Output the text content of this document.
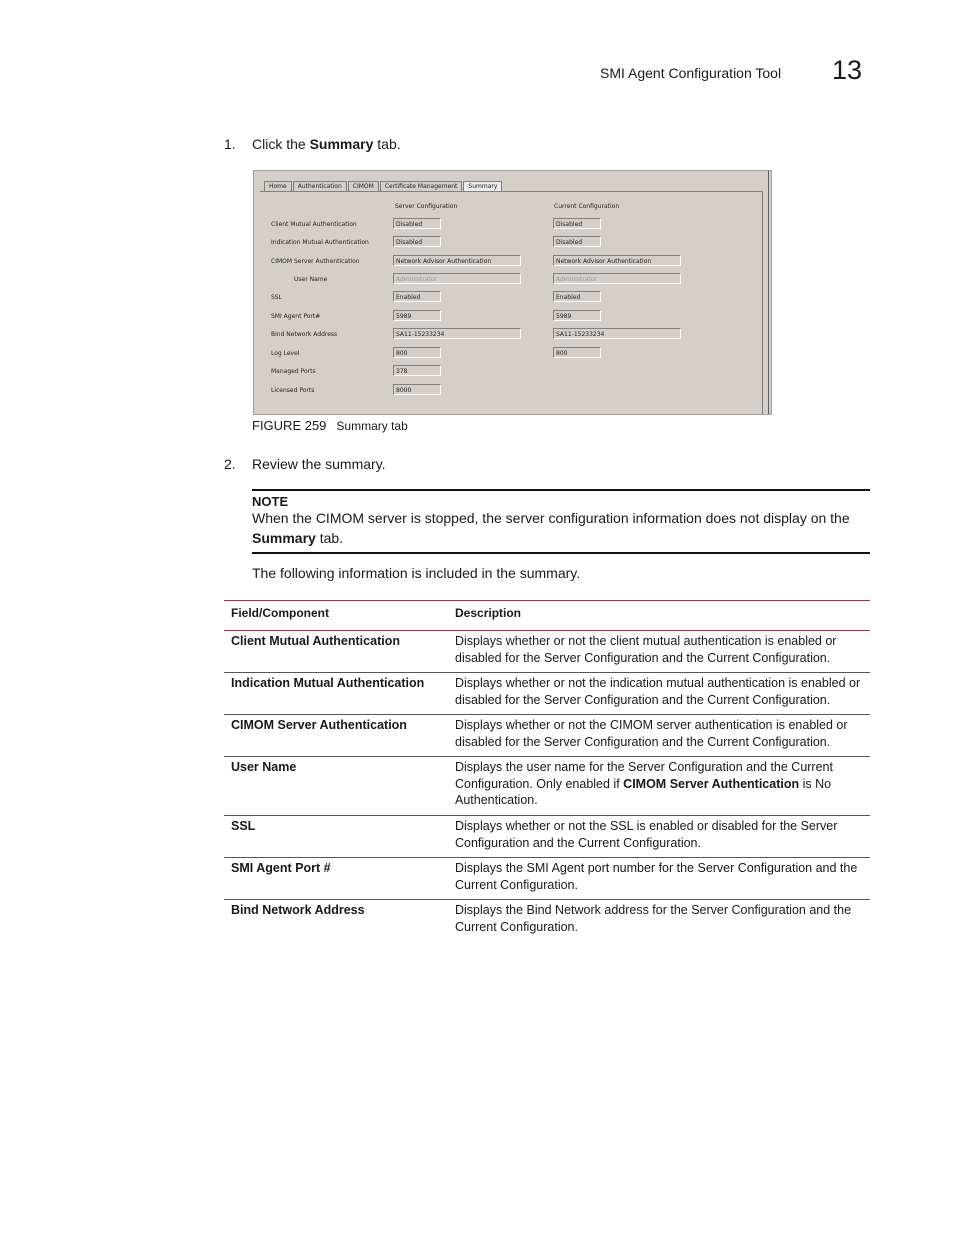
SMI Agent Configuration Tool 13
1. Click the Summary tab.
Home	Authentication	CIMOM	Certificate Management	Summary
Server Configuration	Current Configuration
Client Mutual Authentication	Disabled	Disabled
Indication Mutual Authentication	Disabled	Disabled
CIMOM Server Authentication	Network Advisor Authentication	Network Advisor Authentication
User Name	Administrator	Administrator
SSL	Enabled	Enabled
SMI Agent Port#	5989	5989
Bind Network Address	SA11-15233234	SA11-15233234
Log Level	800	800
Managed Ports	378
Licensed Ports	8000
FIGURE 259 Summary tab
2. Review the summary.
NOTE
When the CIMOM server is stopped, the server configuration information does not display on the Summary tab.
The following information is included in the summary.
Field/Component	Description
Client Mutual Authentication	Displays whether or not the client mutual authentication is enabled or disabled for the Server Configuration and the Current Configuration.
Indication Mutual Authentication	Displays whether or not the indication mutual authentication is enabled or disabled for the Server Configuration and the Current Configuration.
CIMOM Server Authentication	Displays whether or not the CIMOM server authentication is enabled or disabled for the Server Configuration and the Current Configuration.
User Name	Displays the user name for the Server Configuration and the Current Configuration. Only enabled if CIMOM Server Authentication is No Authentication.
SSL	Displays whether or not the SSL is enabled or disabled for the Server Configuration and the Current Configuration.
SMI Agent Port #	Displays the SMI Agent port number for the Server Configuration and the Current Configuration.
Bind Network Address	Displays the Bind Network address for the Server Configuration and the Current Configuration.
